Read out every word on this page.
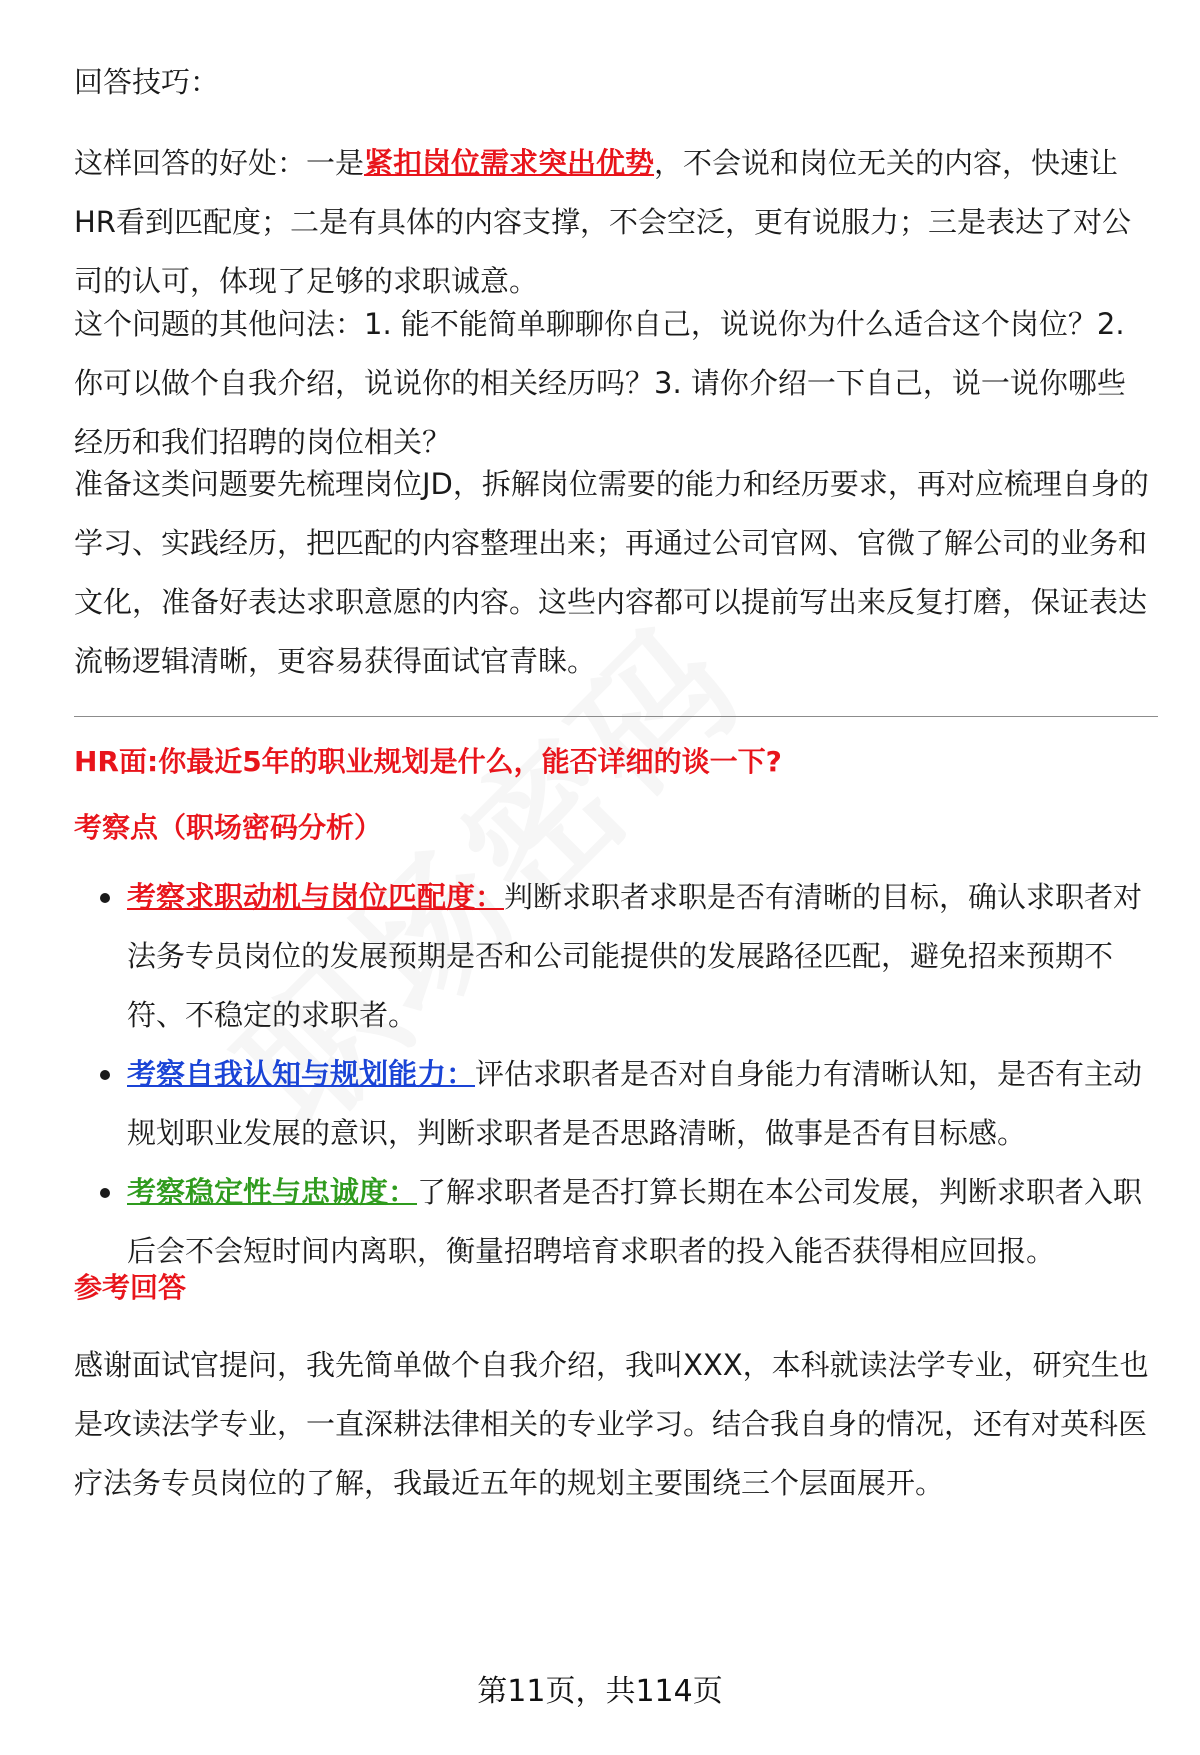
回答技巧：

这样回答的好处：一是紧扣岗位需求突出优势，不会说和岗位无关的内容，快速让HR看到匹配度；二是有具体的内容支撑，不会空泛，更有说服力；三是表达了对公司的认可，体现了足够的求职诚意。

这个问题的其他问法：1. 能不能简单聊聊你自己，说说你为什么适合这个岗位？2. 你可以做个自我介绍，说说你的相关经历吗？3. 请你介绍一下自己，说一说你哪些经历和我们招聘的岗位相关？

准备这类问题要先梳理岗位JD，拆解岗位需要的能力和经历要求，再对应梳理自身的学习、实践经历，把匹配的内容整理出来；再通过公司官网、官微了解公司的业务和文化，准备好表达求职意愿的内容。这些内容都可以提前写出来反复打磨，保证表达流畅逻辑清晰，更容易获得面试官青睐。

HR面:你最近5年的职业规划是什么，能否详细的谈一下?

考察点（职场密码分析）

考察求职动机与岗位匹配度：判断求职者求职是否有清晰的目标，确认求职者对法务专员岗位的发展预期是否和公司能提供的发展路径匹配，避免招来预期不符、不稳定的求职者。
考察自我认知与规划能力：评估求职者是否对自身能力有清晰认知，是否有主动规划职业发展的意识，判断求职者是否思路清晰，做事是否有目标感。
考察稳定性与忠诚度：了解求职者是否打算长期在本公司发展，判断求职者入职后会不会短时间内离职，衡量招聘培育求职者的投入能否获得相应回报。

参考回答

感谢面试官提问，我先简单做个自我介绍，我叫XXX，本科就读法学专业，研究生也是攻读法学专业，一直深耕法律相关的专业学习。结合我自身的情况，还有对英科医疗法务专员岗位的了解，我最近五年的规划主要围绕三个层面展开。

第11页，共114页
